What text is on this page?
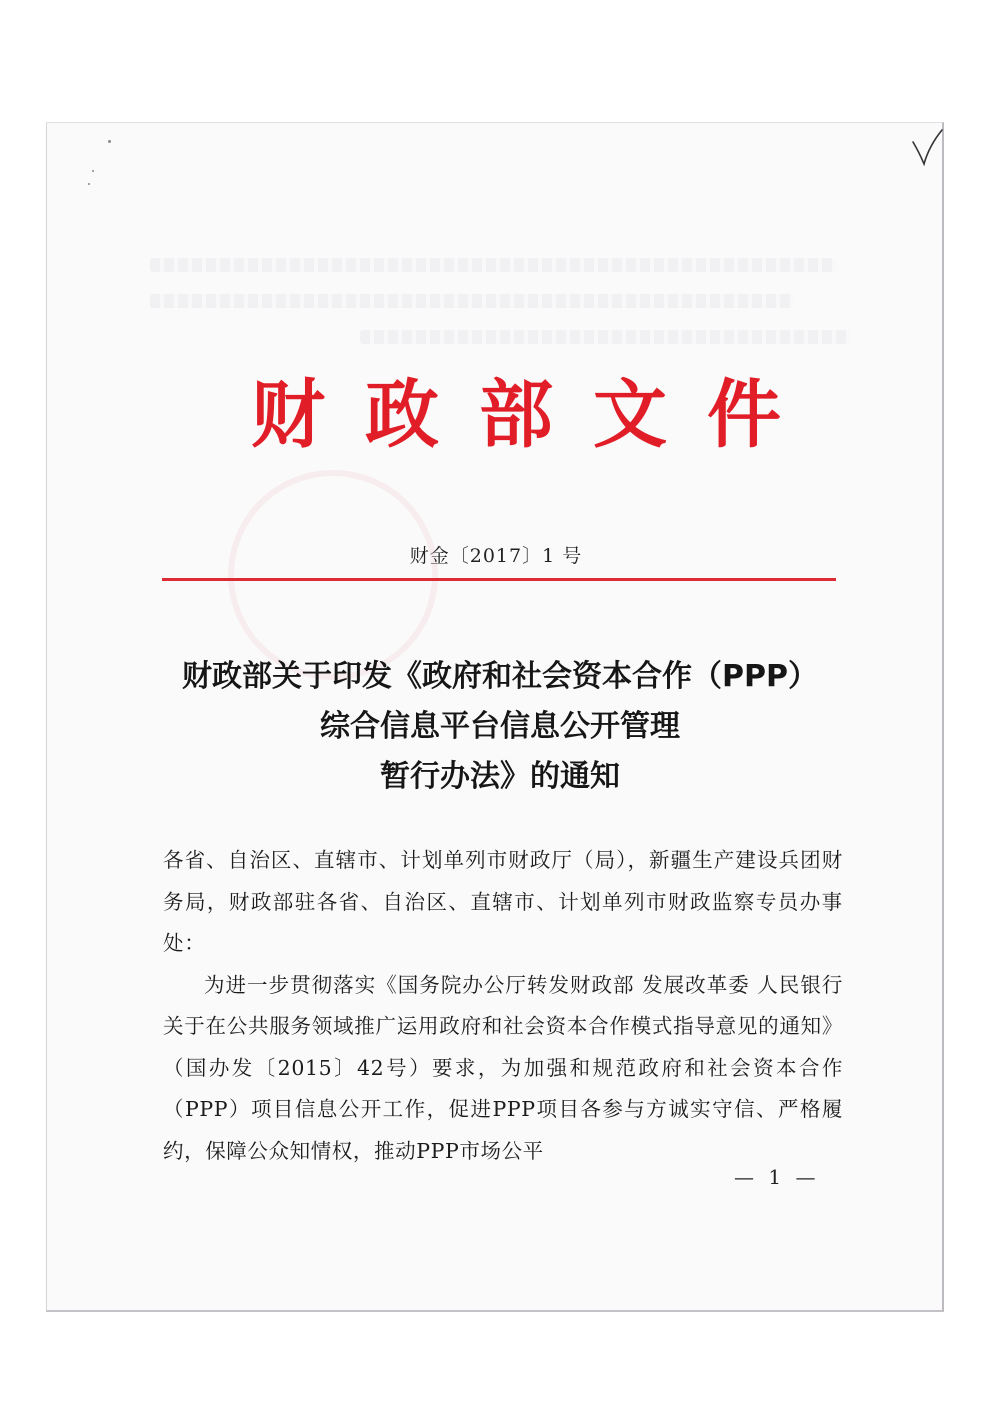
财政部文件
财金〔2017〕1 号
财政部关于印发《政府和社会资本合作（PPP）
综合信息平台信息公开管理
暂行办法》的通知

各省、自治区、直辖市、计划单列市财政厅（局），新疆生产建设兵团财务局，财政部驻各省、自治区、直辖市、计划单列市财政监察专员办事处：

为进一步贯彻落实《国务院办公厅转发财政部 发展改革委 人民银行关于在公共服务领域推广运用政府和社会资本合作模式指导意见的通知》（国办发〔2015〕42号）要求，为加强和规范政府和社会资本合作（PPP）项目信息公开工作，促进PPP项目各参与方诚实守信、严格履约，保障公众知情权，推动PPP市场公平

— 1 —
